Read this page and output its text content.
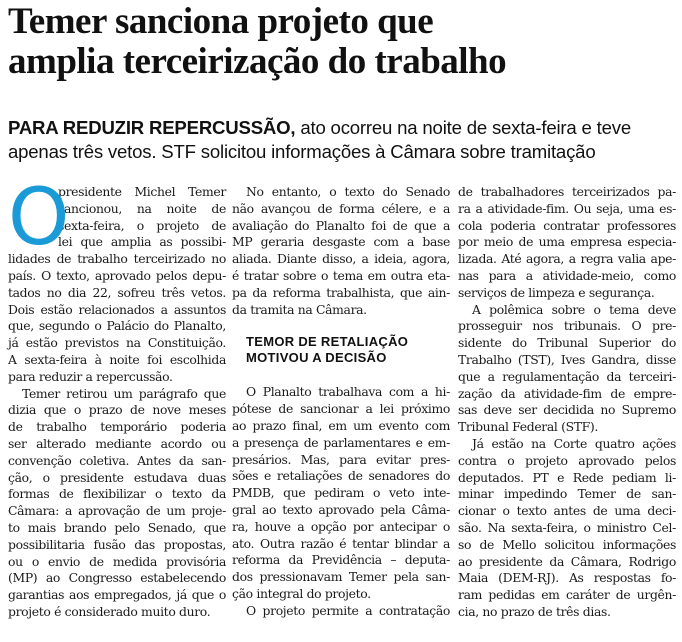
Temer sanciona projeto que
amplia terceirização do trabalho
PARA REDUZIR REPERCUSSÃO, ato ocorreu na noite de sexta-feira e teve
apenas três vetos. STF solicitou informações à Câmara sobre tramitação
O
presidente Michel Temer
sancionou, na noite de
sexta-feira, o projeto de
lei que amplia as possibi-
lidades de trabalho terceirizado no
país. O texto, aprovado pelos depu-
tados no dia 22, sofreu três vetos.
Dois estão relacionados a assuntos
que, segundo o Palácio do Planalto,
já estão previstos na Constituição.
A sexta-feira à noite foi escolhida
para reduzir a repercussão.
Temer retirou um parágrafo que
dizia que o prazo de nove meses
de trabalho temporário poderia
ser alterado mediante acordo ou
convenção coletiva. Antes da san-
ção, o presidente estudava duas
formas de flexibilizar o texto da
Câmara: a aprovação de um proje-
to mais brando pelo Senado, que
possibilitaria fusão das propostas,
ou o envio de medida provisória
(MP) ao Congresso estabelecendo
garantias aos empregados, já que o
projeto é considerado muito duro.
No entanto, o texto do Senado
não avançou de forma célere, e a
avaliação do Planalto foi de que a
MP geraria desgaste com a base
aliada. Diante disso, a ideia, agora,
é tratar sobre o tema em outra eta-
pa da reforma trabalhista, que ain-
da tramita na Câmara.
TEMOR DE RETALIAÇÃO
MOTIVOU A DECISÃO
O Planalto trabalhava com a hi-
pótese de sancionar a lei próximo
ao prazo final, em um evento com
a presença de parlamentares e em-
presários. Mas, para evitar pres-
sões e retaliações de senadores do
PMDB, que pediram o veto inte-
gral ao texto aprovado pela Câma-
ra, houve a opção por antecipar o
ato. Outra razão é tentar blindar a
reforma da Previdência – deputa-
dos pressionavam Temer pela san-
ção integral do projeto.
O projeto permite a contratação
de trabalhadores terceirizados pa-
ra a atividade-fim. Ou seja, uma es-
cola poderia contratar professores
por meio de uma empresa especia-
lizada. Até agora, a regra valia ape-
nas para a atividade-meio, como
serviços de limpeza e segurança.
A polêmica sobre o tema deve
prosseguir nos tribunais. O pre-
sidente do Tribunal Superior do
Trabalho (TST), Ives Gandra, disse
que a regulamentação da terceiri-
zação da atividade-fim de empre-
sas deve ser decidida no Supremo
Tribunal Federal (STF).
Já estão na Corte quatro ações
contra o projeto aprovado pelos
deputados. PT e Rede pediam li-
minar impedindo Temer de san-
cionar o texto antes de uma deci-
são. Na sexta-feira, o ministro Cel-
so de Mello solicitou informações
ao presidente da Câmara, Rodrigo
Maia (DEM-RJ). As respostas fo-
ram pedidas em caráter de urgên-
cia, no prazo de três dias.
